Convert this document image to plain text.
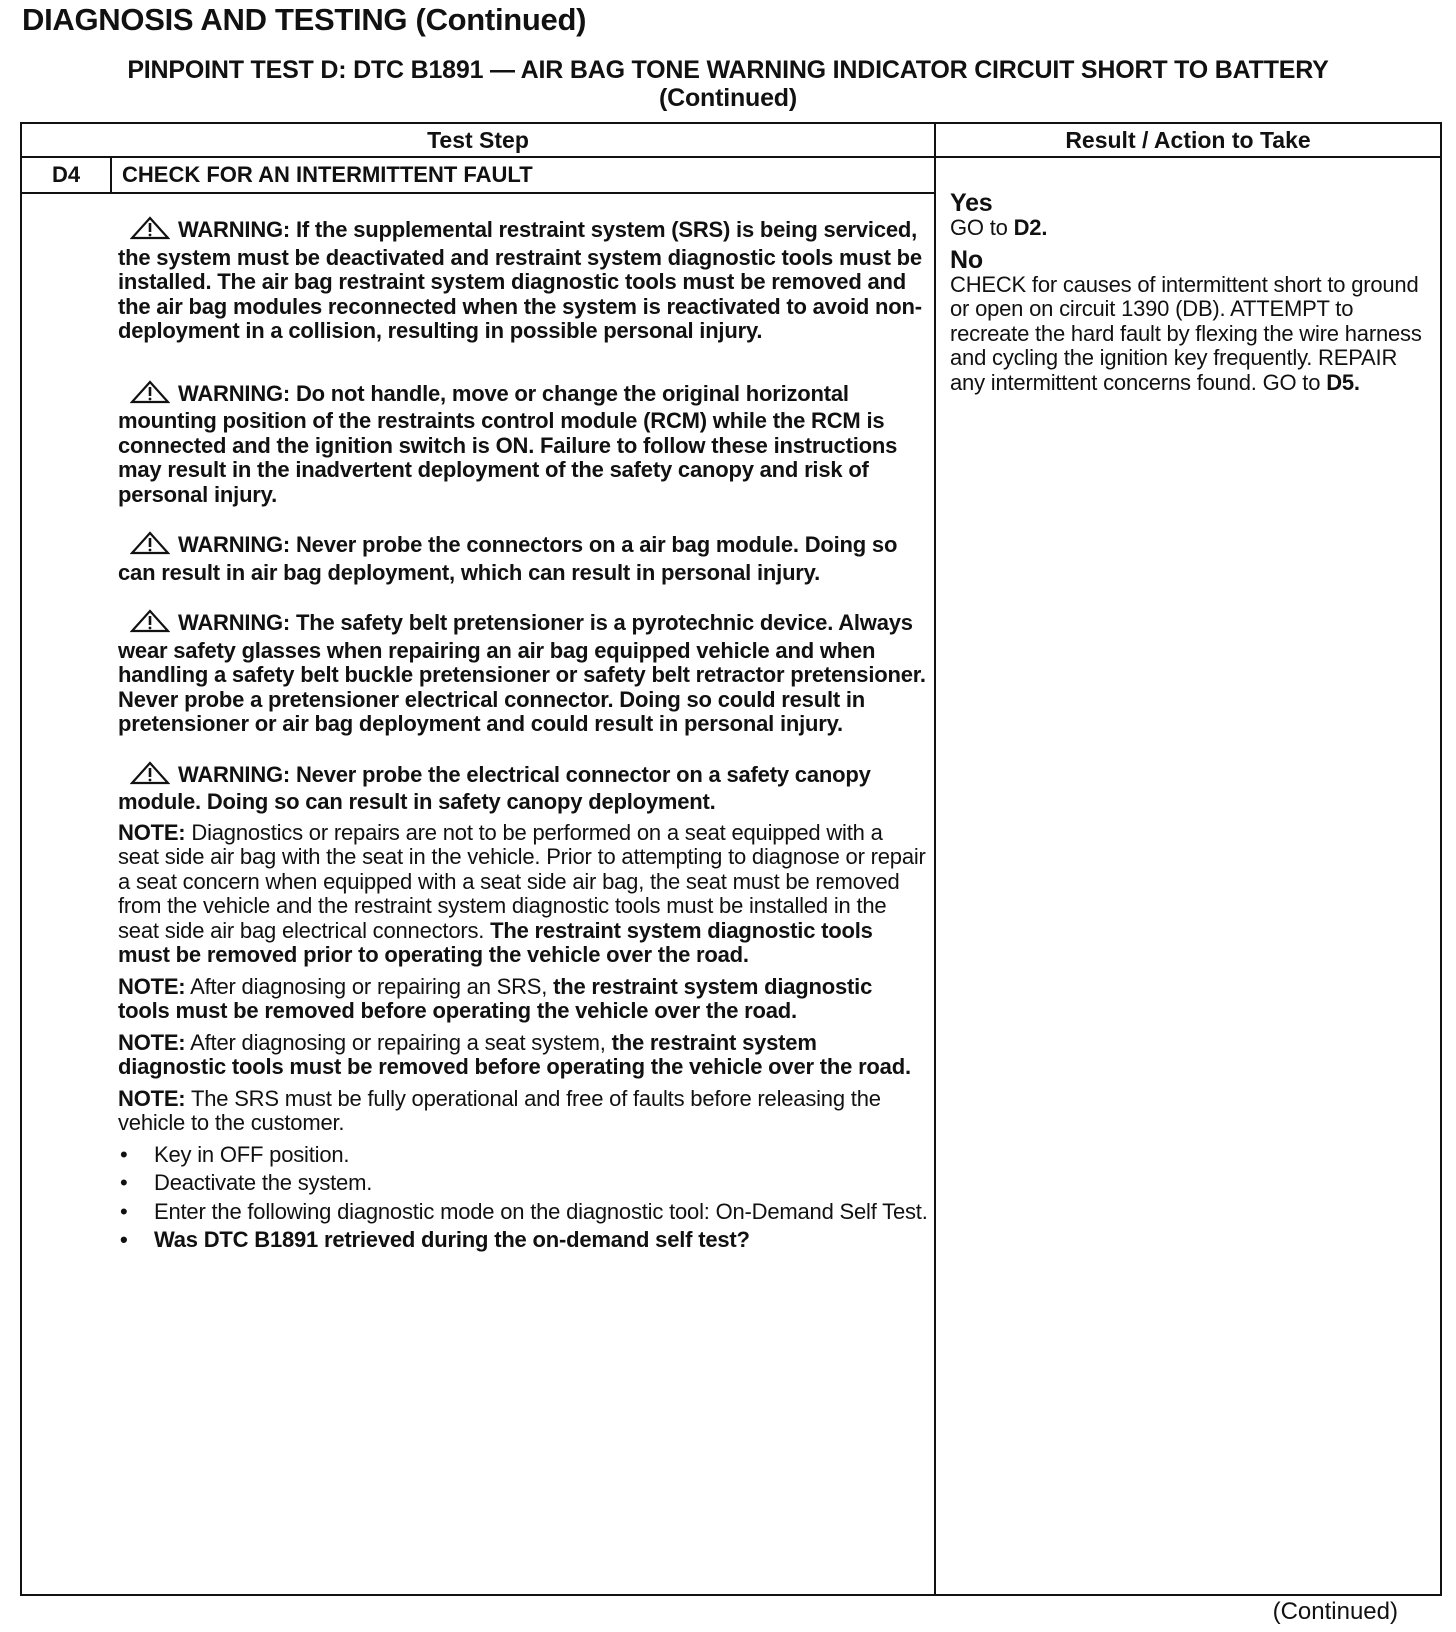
DIAGNOSIS AND TESTING (Continued)
PINPOINT TEST D: DTC B1891 — AIR BAG TONE WARNING INDICATOR CIRCUIT SHORT TO BATTERY
(Continued)
Test Step	Result / Action to Take
D4	CHECK FOR AN INTERMITTENT FAULT

WARNING: If the supplemental restraint system (SRS) is being serviced, the system must be deactivated and restraint system diagnostic tools must be installed. The air bag restraint system diagnostic tools must be removed and the air bag modules reconnected when the system is reactivated to avoid non-deployment in a collision, resulting in possible personal injury.

WARNING: Do not handle, move or change the original horizontal mounting position of the restraints control module (RCM) while the RCM is connected and the ignition switch is ON. Failure to follow these instructions may result in the inadvertent deployment of the safety canopy and risk of personal injury.

WARNING: Never probe the connectors on a air bag module. Doing so can result in air bag deployment, which can result in personal injury.

WARNING: The safety belt pretensioner is a pyrotechnic device. Always wear safety glasses when repairing an air bag equipped vehicle and when handling a safety belt buckle pretensioner or safety belt retractor pretensioner. Never probe a pretensioner electrical connector. Doing so could result in pretensioner or air bag deployment and could result in personal injury.

WARNING: Never probe the electrical connector on a safety canopy module. Doing so can result in safety canopy deployment.

NOTE: Diagnostics or repairs are not to be performed on a seat equipped with a seat side air bag with the seat in the vehicle. Prior to attempting to diagnose or repair a seat concern when equipped with a seat side air bag, the seat must be removed from the vehicle and the restraint system diagnostic tools must be installed in the seat side air bag electrical connectors. The restraint system diagnostic tools must be removed prior to operating the vehicle over the road.

NOTE: After diagnosing or repairing an SRS, the restraint system diagnostic tools must be removed before operating the vehicle over the road.

NOTE: After diagnosing or repairing a seat system, the restraint system diagnostic tools must be removed before operating the vehicle over the road.

NOTE: The SRS must be fully operational and free of faults before releasing the vehicle to the customer.

• Key in OFF position.
• Deactivate the system.
• Enter the following diagnostic mode on the diagnostic tool: On-Demand Self Test.
• Was DTC B1891 retrieved during the on-demand self test?
Yes

GO to D2.

No

CHECK for causes of intermittent short to ground or open on circuit 1390 (DB). ATTEMPT to recreate the hard fault by flexing the wire harness and cycling the ignition key frequently. REPAIR any intermittent concerns found. GO to D5.

(Continued)
